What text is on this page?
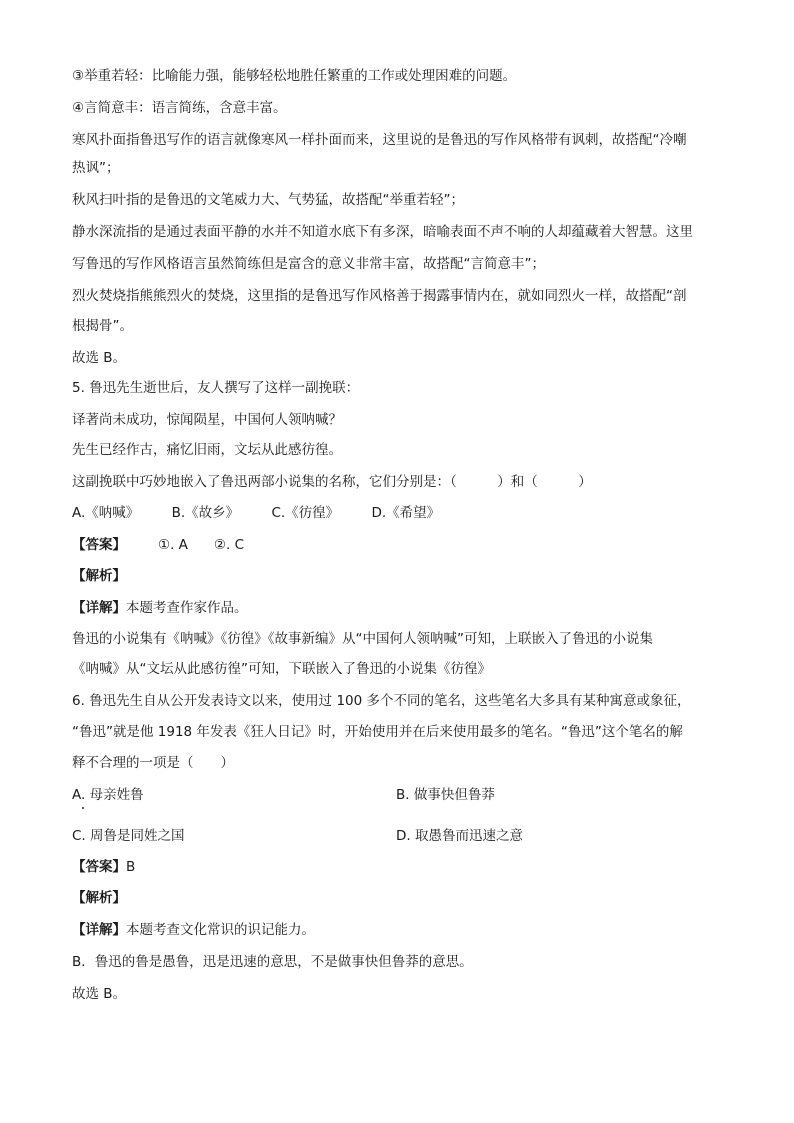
③举重若轻：比喻能力强，能够轻松地胜任繁重的工作或处理困难的问题。
④言简意丰：语言简练，含意丰富。
寒风扑面指鲁迅写作的语言就像寒风一样扑面而来，这里说的是鲁迅的写作风格带有讽刺，故搭配“冷嘲
热讽”；
秋风扫叶指的是鲁迅的文笔威力大、气势猛，故搭配“举重若轻”；
静水深流指的是通过表面平静的水并不知道水底下有多深，暗喻表面不声不响的人却蕴藏着大智慧。这里
写鲁迅的写作风格语言虽然简练但是富含的意义非常丰富，故搭配“言简意丰”；
烈火焚烧指熊熊烈火的焚烧，这里指的是鲁迅写作风格善于揭露事情内在，就如同烈火一样，故搭配“剖
根揭骨”。
故选 B。
5. 鲁迅先生逝世后，友人撰写了这样一副挽联：
译著尚未成功，惊闻陨星，中国何人领呐喊？
先生已经作古，痛忆旧雨，文坛从此感彷徨。
这副挽联中巧妙地嵌入了鲁迅两部小说集的名称，它们分别是：（　　　）和（　　　）
A.《呐喊》 B.《故乡》 C.《彷徨》 D.《希望》
【答案】 ①. A ②. C
【解析】
【详解】本题考查作家作品。
鲁迅的小说集有《呐喊》《彷徨》《故事新编》从“中国何人领呐喊”可知，上联嵌入了鲁迅的小说集
《呐喊》从“文坛从此感彷徨”可知，下联嵌入了鲁迅的小说集《彷徨》
6. 鲁迅先生自从公开发表诗文以来，使用过 100 多个不同的笔名，这些笔名大多具有某种寓意或象征，
“鲁迅”就是他 1918 年发表《狂人日记》时，开始使用并在后来使用最多的笔名。“鲁迅”这个笔名的解
释不合理的一项是（　　）
A. 母亲姓鲁	B. 做事快但鲁莽
C. 周鲁是同姓之国	D. 取愚鲁而迅速之意
【答案】B
【解析】
【详解】本题考查文化常识的识记能力。
B．鲁迅的鲁是愚鲁，迅是迅速的意思，不是做事快但鲁莽的意思。
故选 B。
